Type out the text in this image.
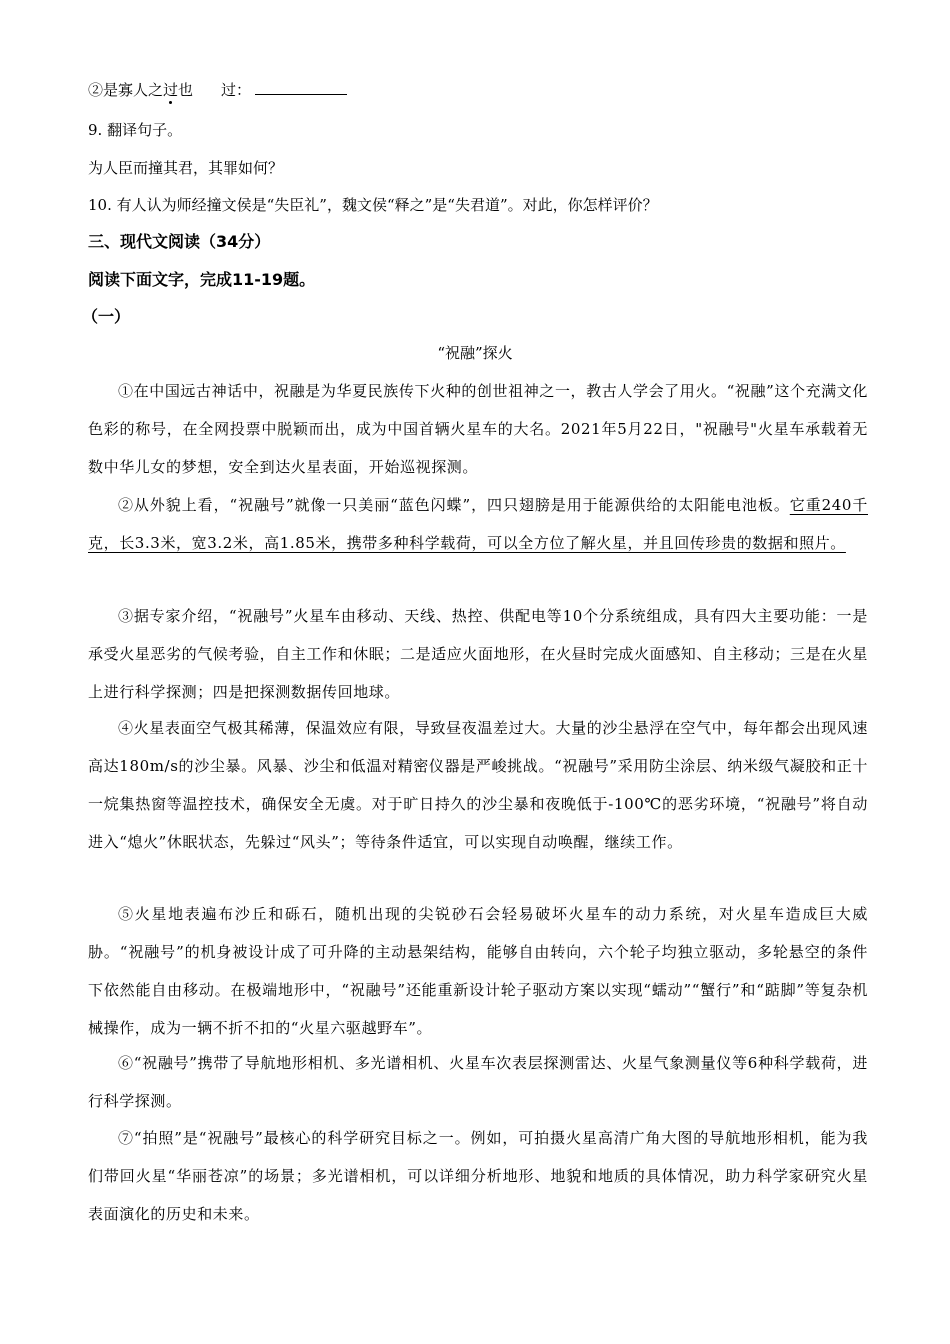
②是寡人之过也 过：
9. 翻译句子。
为人臣而撞其君，其罪如何？
10. 有人认为师经撞文侯是“失臣礼”，魏文侯“释之”是“失君道”。对此，你怎样评价？
三、现代文阅读（34分）
阅读下面文字，完成11-19题。
（一）
“祝融”探火
①在中国远古神话中，祝融是为华夏民族传下火种的创世祖神之一，教古人学会了用火。“祝融”这个充满文化色彩的称号，在全网投票中脱颖而出，成为中国首辆火星车的大名。2021年5月22日，"祝融号"火星车承载着无数中华儿女的梦想，安全到达火星表面，开始巡视探测。
②从外貌上看，“祝融号”就像一只美丽“蓝色闪蝶”，四只翅膀是用于能源供给的太阳能电池板。它重240千克，长3.3米，宽3.2米，高1.85米，携带多种科学载荷，可以全方位了解火星，并且回传珍贵的数据和照片。
③据专家介绍，“祝融号”火星车由移动、天线、热控、供配电等10个分系统组成，具有四大主要功能：一是承受火星恶劣的气候考验，自主工作和休眠；二是适应火面地形，在火昼时完成火面感知、自主移动；三是在火星上进行科学探测；四是把探测数据传回地球。
④火星表面空气极其稀薄，保温效应有限，导致昼夜温差过大。大量的沙尘悬浮在空气中，每年都会出现风速高达180m/s的沙尘暴。风暴、沙尘和低温对精密仪器是严峻挑战。“祝融号”采用防尘涂层、纳米级气凝胶和正十一烷集热窗等温控技术，确保安全无虞。对于旷日持久的沙尘暴和夜晚低于-100℃的恶劣环境，“祝融号”将自动进入“熄火”休眠状态，先躲过“风头”；等待条件适宜，可以实现自动唤醒，继续工作。
⑤火星地表遍布沙丘和砾石，随机出现的尖锐砂石会轻易破坏火星车的动力系统，对火星车造成巨大威胁。“祝融号”的机身被设计成了可升降的主动悬架结构，能够自由转向，六个轮子均独立驱动，多轮悬空的条件下依然能自由移动。在极端地形中，“祝融号”还能重新设计轮子驱动方案以实现“蠕动”“蟹行”和“踮脚”等复杂机械操作，成为一辆不折不扣的“火星六驱越野车”。
⑥“祝融号”携带了导航地形相机、多光谱相机、火星车次表层探测雷达、火星气象测量仪等6种科学载荷，进行科学探测。
⑦“拍照”是“祝融号”最核心的科学研究目标之一。例如，可拍摄火星高清广角大图的导航地形相机，能为我们带回火星“华丽苍凉”的场景；多光谱相机，可以详细分析地形、地貌和地质的具体情况，助力科学家研究火星表面演化的历史和未来。
